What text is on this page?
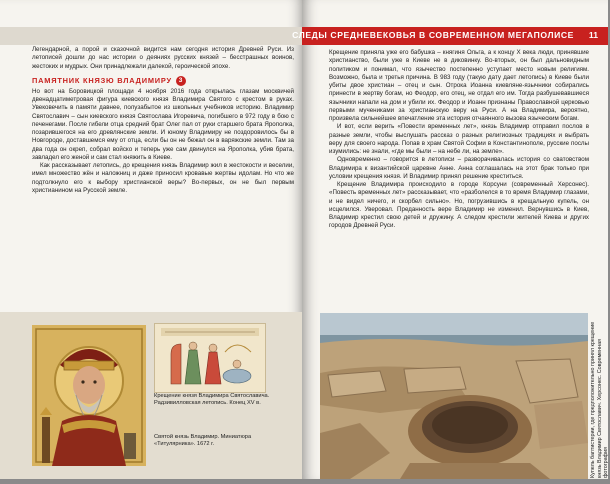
СЛЕДЫ СРЕДНЕВЕКОВЬЯ В СОВРЕМЕННОМ МЕГАПОЛИСЕ 11

Легендарной, а порой и сказочной видится нам сегодня история Древней Руси. Из летописей дошли до нас истории о деяниях русских князей – бесстрашных воинов, жестоких и мудрых. Они принадлежали далекой, героической эпохе.

ПАМЯТНИК КНЯЗЮ ВЛАДИМИРУ	3

Но вот на Боровицкой площади 4 ноября 2016 года открылась глазам москвичей двенадцатиметровая фигура киевского князя Владимира Святого с крестом в руках. Увековечить в памяти давнее, полузабытое из школьных учебников историю. Владимир Святославич – сын киевского князя Святослава Игоревича, погибшего в 972 году в бою с печенегами. После гибели отца средний брат Олег пал от руки старшего брата Ярополка, позарившегося на его древлянские земли. И юному Владимиру не поздоровилось бы в Новгороде, доставшемся ему от отца, если бы он не бежал он в варяжские земли. Там за два года он окреп, собрал войско и теперь уже сам двинулся на Ярополка, убив брата, завладел его женой и сам стал княжить в Киеве.

Как рассказывает летопись, до крещения князь Владимир жил в жестокости и веселии, имел множество жён и наложниц и даже приносил кровавые жертвы идолам. Но что же подтолкнуло его к выбору христианской веры? Во-первых, он не был первым христианином на Русской земле.

Крещение князя Владимира Святославича. Радзивилловская летопись. Конец XV в.
Святой князь Владимир. Миниатюра «Титулярника». 1672 г.

Крещение приняла уже его бабушка – княгиня Ольга, а к концу X века люди, принявшие христианство, были уже в Киеве не в диковинку. Во-вторых, он был дальновидным политиком и понимал, что язычество постепенно уступает место новым религиям. Возможно, была и третья причина. В 983 году (такую дату дает летопись) в Киеве были убиты двое христиан – отец и сын. Отрока Иоанна киевляне-язычники собирались принести в жертву богам, но Феодор, его отец, не отдал его им. Тогда разбушевавшиеся язычники напали на дом и убили их. Феодор и Иоанн признаны Православной церковью первыми мучениками за христианскую веру на Руси. А на Владимира, вероятно, произвела сильнейшее впечатление эта история отчаянного вызова языческим богам.

И вот, если верить «Повести временных лет», князь Владимир отправил послов в разные земли, чтобы выслушать рассказ о разных религиозных традициях и выбрать веру для своего народа. Попав в храм Святой Софии в Константинополе, русские послы изумились: не знали, «где мы были – на небе ли, на земле».

Одновременно – говорится в летописи – разворачивалась история со сватовством Владимира к византийской царевне Анне. Анна соглашалась на этот брак только при условии крещения князя. И Владимир принял решение креститься.

Крещение Владимира происходило в городе Корсуни (современный Херсонес). «Повесть временных лет» рассказывает, что «разболелся в то время Владимир глазами, и не видел ничего, и скорбел сильно». Но, погрузившись в крещальную купель, он исцелился. Уверовал. Преданность вере Владимир не изменил. Вернувшись в Киев, Владимир крестил свою детей и дружину. А следом крестили жителей Киева и других городов Древней Руси.

Купель баптистерии, где предположительно принял крещение князь Владимир Святославич. Херсонес. Современная фотография
